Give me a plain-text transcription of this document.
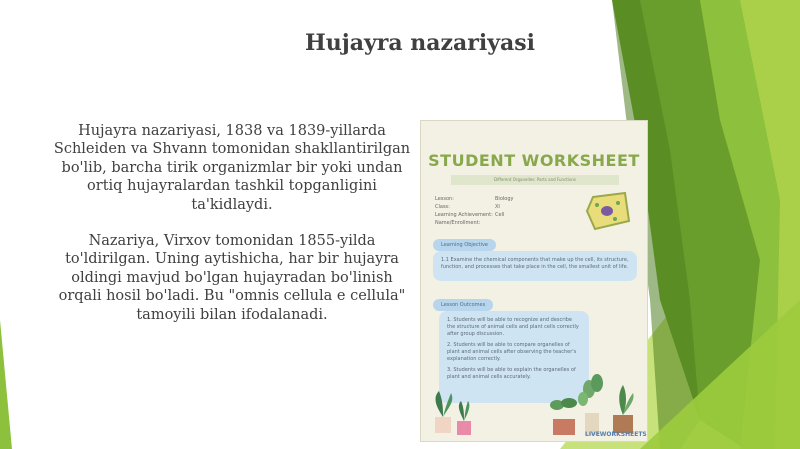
Hujayra nazariyasi

Hujayra nazariyasi, 1838 va 1839-yillarda Schleiden va Shvann tomonidan shakllantirilgan bo'lib, barcha tirik organizmlar bir yoki undan ortiq hujayralardan tashkil topganligini ta'kidlaydi.

Nazariya, Virxov tomonidan 1855-yilda to'ldirilgan. Uning aytishicha, har bir hujayra oldingi mavjud bo'lgan hujayradan bo'linish orqali hosil bo'ladi. Bu "omnis cellula e cellula" tamoyili bilan ifodalanadi.

STUDENT WORKSHEET
Different Organelles: Parts and Functions
Lesson:	Biology
Class:	XI
Learning Achievement: Cell
Name/Enrollment:
Learning Objective
1.1 Examine the chemical components that make up the cell, its structure, function, and processes that take place in the cell, the smallest unit of life.
Lesson Outcomes
1. Students will be able to recognize and describe the structure of animal cells and plant cells correctly after group discussion.
2. Students will be able to compare organelles of plant and animal cells after observing the teacher's explanation correctly.
3. Students will be able to explain the organelles of plant and animal cells accurately.
LIVEWORKSHEETS
